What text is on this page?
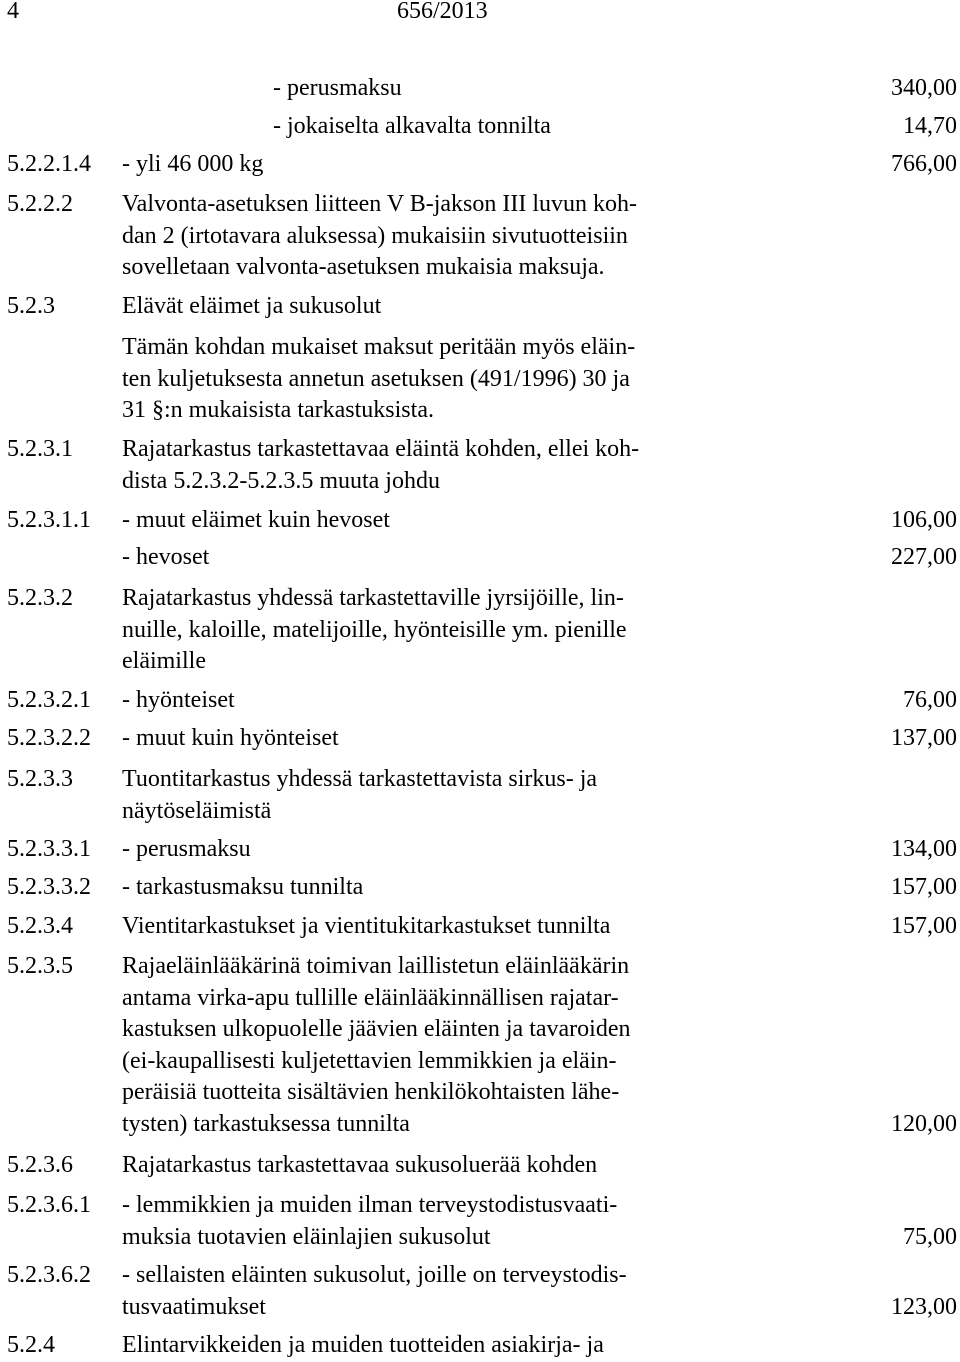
4	656/2013
- perusmaksu	340,00
- jokaiselta alkavalta tonnilta	14,70
5.2.2.1.4 - yli 46 000 kg	766,00
5.2.2.2 Valvonta-asetuksen liitteen V B-jakson III luvun koh-
dan 2 (irtotavara aluksessa) mukaisiin sivutuotteisiin
sovelletaan valvonta-asetuksen mukaisia maksuja.
5.2.3	Elävät eläimet ja sukusolut
Tämän kohdan mukaiset maksut peritään myös eläin-
ten kuljetuksesta annetun asetuksen (491/1996) 30 ja
31 §:n mukaisista tarkastuksista.
5.2.3.1 Rajatarkastus tarkastettavaa eläintä kohden, ellei koh-
dista 5.2.3.2-5.2.3.5 muuta johdu
5.2.3.1.1 - muut eläimet kuin hevoset	106,00
- hevoset	227,00
5.2.3.2 Rajatarkastus yhdessä tarkastettaville jyrsijöille, lin-
nuille, kaloille, matelijoille, hyönteisille ym. pienille
eläimille
5.2.3.2.1 - hyönteiset	76,00
5.2.3.2.2 - muut kuin hyönteiset	137,00
5.2.3.3 Tuontitarkastus yhdessä tarkastettavista sirkus- ja
näytöseläimistä
5.2.3.3.1 - perusmaksu	134,00
5.2.3.3.2 - tarkastusmaksu tunnilta	157,00
5.2.3.4 Vientitarkastukset ja vientitukitarkastukset tunnilta	157,00
5.2.3.5 Rajaeläinlääkärinä toimivan laillistetun eläinlääkärin
antama virka-apu tullille eläinlääkinnällisen rajatar-
kastuksen ulkopuolelle jäävien eläinten ja tavaroiden
(ei-kaupallisesti kuljetettavien lemmikkien ja eläin-
peräisiä tuotteita sisältävien henkilökohtaisten lähe-
tysten) tarkastuksessa tunnilta	120,00
5.2.3.6 Rajatarkastus tarkastettavaa sukusoluerää kohden
5.2.3.6.1 - lemmikkien ja muiden ilman terveystodistusvaati-
muksia tuotavien eläinlajien sukusolut	75,00
5.2.3.6.2 - sellaisten eläinten sukusolut, joille on terveystodis-
tusvaatimukset	123,00
5.2.4	Elintarvikkeiden ja muiden tuotteiden asiakirja- ja
